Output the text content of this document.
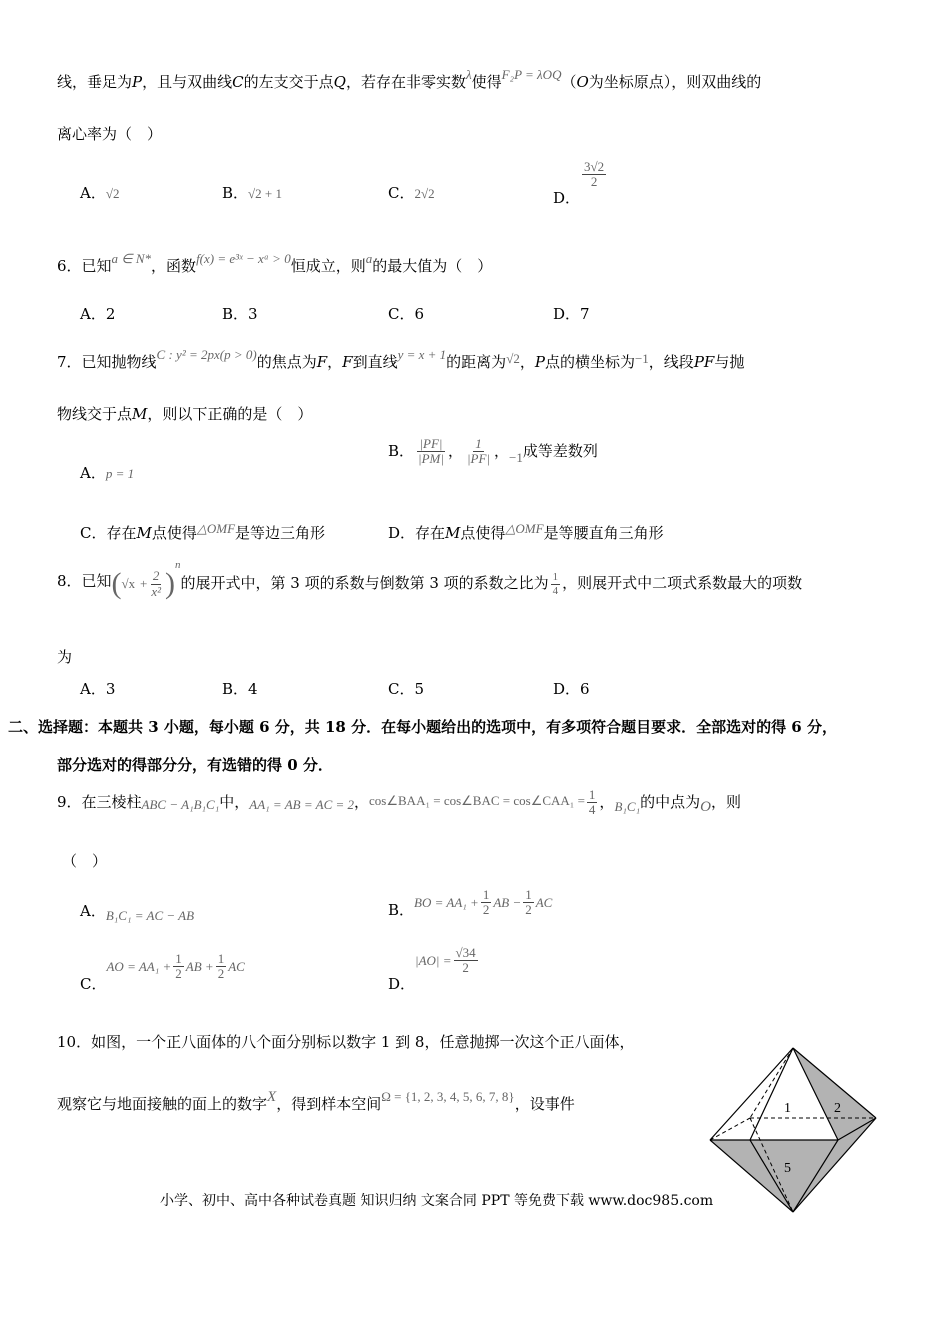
线，垂足为P，且与双曲线C的左支交于点Q，若存在非零实数λ使得F₂P = λOQ（O为坐标原点），则双曲线的
离心率为（　）
A．√2	B．√2 + 1	C．2√2	D．
$\frac{3√2}{2}$
6．已知a ∈ N*，函数f(x) = e³ˣ − xᵃ > 0恒成立，则a的最大值为（　）
A．2	B．3	C．6	D．7
7．已知抛物线C : y² = 2px(p > 0)的焦点为F，F到直线y = x + 1的距离为√2，P点的横坐标为−1，线段PF与抛
物线交于点M，则以下正确的是（　）
A．p = 1
B． $\frac{|PF|}{|PM|}$ ， $\frac{1}{|PF|}$ ，−1成等差数列
C．存在M点使得△OMF是等边三角形	D．存在M点使得△OMF是等腰直角三角形
8．已知$(√x + \frac{2}{\text{x²}} )^n$的展开式中，第 3 项的系数与倒数第 3 项的系数之比为 $\frac{1}{4}$ ，则展开式中二项式系数最大的项数
为
A．3	B．4	C．5	D．6
二、选择题：本题共 3 小题，每小题 6 分，共 18 分．在每小题给出的选项中，有多项符合题目要求．全部选对的得 6 分，
部分选对的得部分分，有选错的得 0 分．
9．在三棱柱ABC − A₁B₁C₁中，AA₁ = AB = AC = 2，cos∠BAA₁ = cos∠BAC = cos∠CAA₁ = $\frac{1}{4}$ ，B₁C₁的中点为O，则
（　）
A．B₁C₁ = AC − AB	B．BO = $AA_1 + \frac{1}{2}$ AB − $\frac{1}{2}$ AC
C．AO = $AA_1 + \frac{1}{2}$ AB + $\frac{1}{2}$ AC
D．$|AO| = \frac{√34}{2}$
10．如图，一个正八面体的八个面分别标以数字 1 到 8，任意抛掷一次这个正八面体，
观察它与地面接触的面上的数字X，得到样本空间Ω = {1, 2, 3, 4, 5, 6, 7, 8}，设事件	1	2
5
小学、初中、高中各种试卷真题 知识归纳 文案合同 PPT 等免费下载 www.doc985.com
